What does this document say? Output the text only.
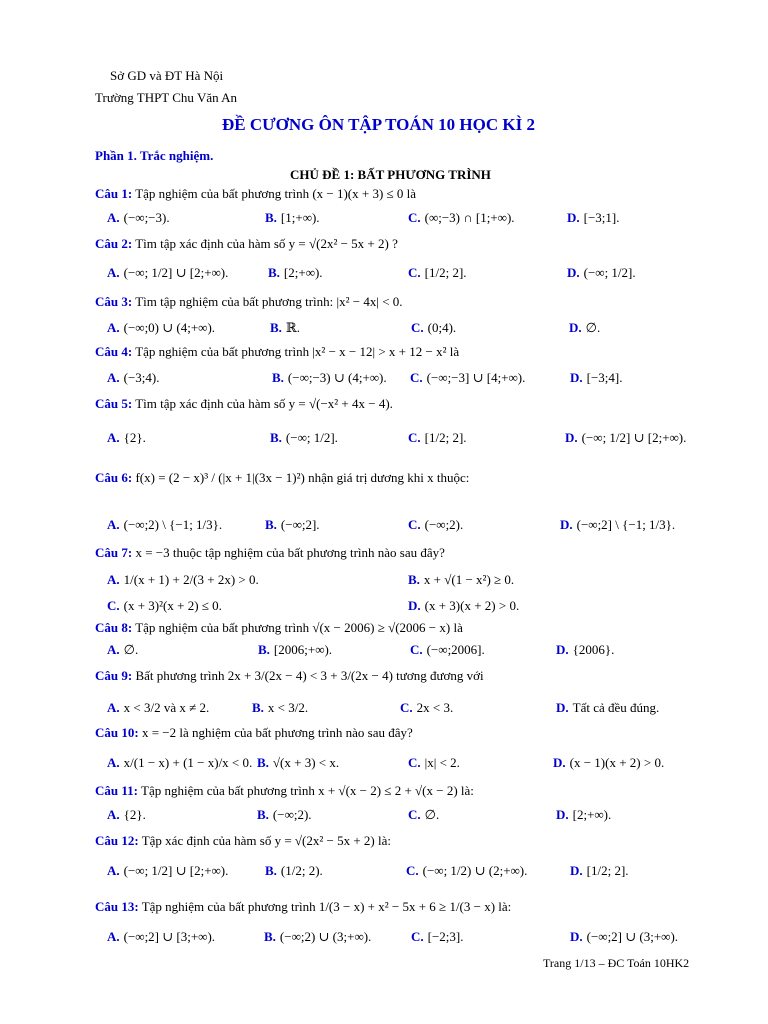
Sở GD và ĐT Hà Nội
Trường THPT Chu Văn An
ĐỀ CƯƠNG ÔN TẬP TOÁN 10 HỌC KÌ 2
Phần 1. Trắc nghiệm.
CHỦ ĐỀ 1: BẤT PHƯƠNG TRÌNH
Câu 1: Tập nghiệm của bất phương trình (x − 1)(x + 3) ≤ 0 là
A. (−∞;−3).	B. [1;+∞).	C. (∞;−3) ∩ [1;+∞).	D. [−3;1].
Câu 2: Tìm tập xác định của hàm số y = √(2x² − 5x + 2) ?
A. (−∞; 1/2] ∪ [2;+∞).	B. [2;+∞).	C. [1/2; 2].	D. (−∞; 1/2].
Câu 3: Tìm tập nghiệm của bất phương trình: |x² − 4x| < 0.
A. (−∞;0) ∪ (4;+∞).	B. ℝ.	C. (0;4).	D. ∅.
Câu 4: Tập nghiệm của bất phương trình |x² − x − 12| > x + 12 − x² là
A. (−3;4).	B. (−∞;−3) ∪ (4;+∞). C. (−∞;−3] ∪ [4;+∞).	D. [−3;4].
Câu 5: Tìm tập xác định của hàm số y = √(−x² + 4x − 4).
A. {2}.	B. (−∞; 1/2].	C. [1/2; 2].	D. (−∞; 1/2] ∪ [2;+∞).
Câu 6: f(x) = (2 − x)³ / (|x + 1|(3x − 1)²) nhận giá trị dương khi x thuộc:
A. (−∞;2) \ {−1; 1/3}.	B. (−∞;2].	C. (−∞;2).	D. (−∞;2] \ {−1; 1/3}.
Câu 7: x = −3 thuộc tập nghiệm của bất phương trình nào sau đây?
A. 1/(x + 1) + 2/(3 + 2x) > 0.	B. x + √(1 − x²) ≥ 0.
C. (x + 3)²(x + 2) ≤ 0.	D. (x + 3)(x + 2) > 0.
Câu 8: Tập nghiệm của bất phương trình √(x − 2006) ≥ √(2006 − x) là
A. ∅.	B. [2006;+∞).	C. (−∞;2006].	D. {2006}.
Câu 9: Bất phương trình 2x + 3/(2x − 4) < 3 + 3/(2x − 4) tương đương với
A. x < 3/2 và x ≠ 2.	B. x < 3/2.	C. 2x < 3.	D. Tất cả đều đúng.
Câu 10: x = −2 là nghiệm của bất phương trình nào sau đây?
A. x/(1 − x) + (1 − x)/x < 0. B. √(x + 3) < x.	C. |x| < 2.	D. (x − 1)(x + 2) > 0.
Câu 11: Tập nghiệm của bất phương trình x + √(x − 2) ≤ 2 + √(x − 2) là:
A. {2}.	B. (−∞;2).	C. ∅.	D. [2;+∞).
Câu 12: Tập xác định của hàm số y = √(2x² − 5x + 2) là:
A. (−∞; 1/2] ∪ [2;+∞).	B. (1/2; 2).	C. (−∞; 1/2) ∪ (2;+∞).	D. [1/2; 2].
Câu 13: Tập nghiệm của bất phương trình 1/(3 − x) + x² − 5x + 6 ≥ 1/(3 − x) là:
A. (−∞;2] ∪ [3;+∞).	B. (−∞;2) ∪ (3;+∞).	C. [−2;3].	D. (−∞;2] ∪ (3;+∞).
Trang 1/13 – ĐC Toán 10HK2
